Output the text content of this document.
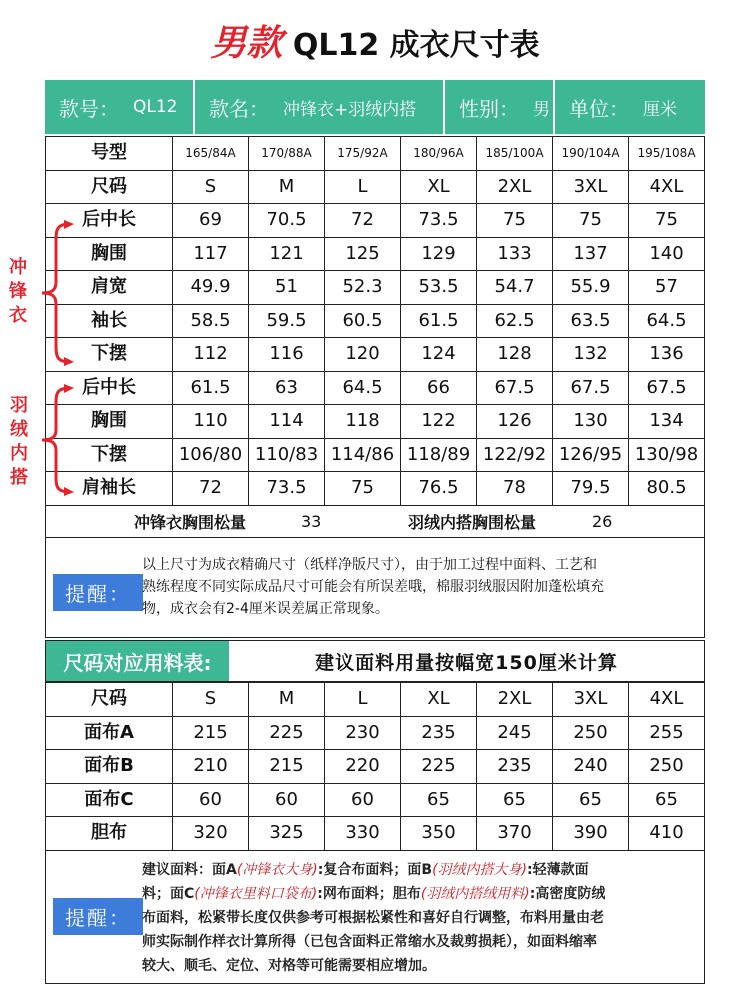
男款 QL12 成衣尺寸表
款号： QL12 款名： 冲锋衣+羽绒内搭 性别： 男 单位： 厘米
号型	165/84A	170/88A	175/92A	180/96A	185/100A	190/104A	195/108A
尺码	S	M	L	XL	2XL	3XL	4XL
后中长	69	70.5	72	73.5	75	75	75
胸围	117	121	125	129	133	137	140
肩宽	49.9	51	52.3	53.5	54.7	55.9	57
袖长	58.5	59.5	60.5	61.5	62.5	63.5	64.5
下摆	112	116	120	124	128	132	136
后中长	61.5	63	64.5	66	67.5	67.5	67.5
胸围	110	114	118	122	126	130	134
下摆	106/80	110/83	114/86	118/89	122/92	126/95	130/98
肩袖长	72	73.5	75	76.5	78	79.5	80.5
冲
锋
衣
羽
绒
内
搭
冲锋衣胸围松量	33	羽绒内搭胸围松量	26
提醒：

以上尺寸为成衣精确尺寸（纸样净版尺寸），由于加工过程中面料、工艺和

熟练程度不同实际成品尺寸可能会有所误差哦，棉服羽绒服因附加蓬松填充

物，成衣会有2-4厘米误差属正常现象。

尺码对应用料表:	建议面料用量按幅宽150厘米计算
尺码	S	M	L	XL	2XL	3XL	4XL
面布A	215	225	230	235	245	250	255
面布B	210	215	220	225	235	240	250
面布C	60	60	60	65	65	65	65
胆布	320	325	330	350	370	390	410
提醒：

建议面料：面A(冲锋衣大身):复合布面料；面B(羽绒内搭大身):轻薄款面

料；面C(冲锋衣里料口袋布):网布面料；胆布(羽绒内搭绒用料):高密度防绒

布面料，松紧带长度仅供参考可根据松紧性和喜好自行调整，布料用量由老

师实际制作样衣计算所得（已包含面料正常缩水及裁剪损耗），如面料缩率

较大、顺毛、定位、对格等可能需要相应增加。
